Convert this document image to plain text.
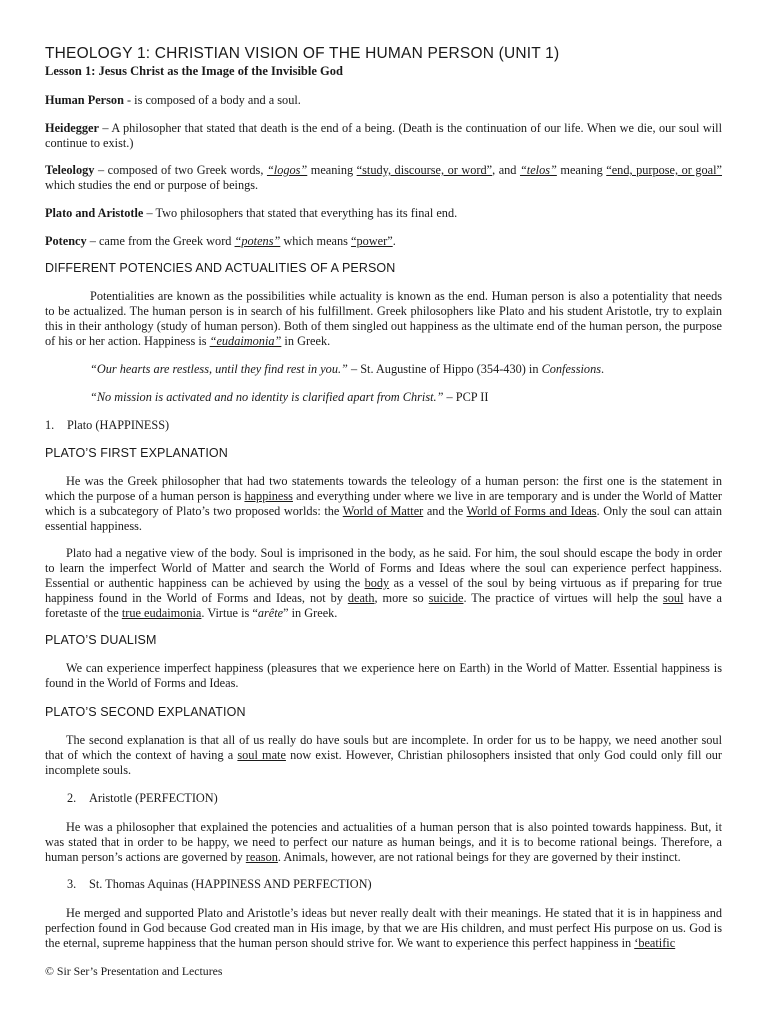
THEOLOGY 1: CHRISTIAN VISION OF THE HUMAN PERSON (UNIT 1)
Lesson 1: Jesus Christ as the Image of the Invisible God
Human Person - is composed of a body and a soul.
Heidegger – A philosopher that stated that death is the end of a being. (Death is the continuation of our life. When we die, our soul will continue to exist.)
Teleology – composed of two Greek words, “logos” meaning “study, discourse, or word”, and “telos” meaning “end, purpose, or goal” which studies the end or purpose of beings.
Plato and Aristotle – Two philosophers that stated that everything has its final end.
Potency – came from the Greek word “potens” which means “power”.
DIFFERENT POTENCIES AND ACTUALITIES OF A PERSON
Potentialities are known as the possibilities while actuality is known as the end. Human person is also a potentiality that needs to be actualized. The human person is in search of his fulfillment. Greek philosophers like Plato and his student Aristotle, try to explain this in their anthology (study of human person). Both of them singled out happiness as the ultimate end of the human person, the purpose of his or her action. Happiness is “eudaimonia” in Greek.
“Our hearts are restless, until they find rest in you.” – St. Augustine of Hippo (354-430) in Confessions.
“No mission is activated and no identity is clarified apart from Christ.” – PCP II
1. Plato (HAPPINESS)
PLATO’S FIRST EXPLANATION
He was the Greek philosopher that had two statements towards the teleology of a human person: the first one is the statement in which the purpose of a human person is happiness and everything under where we live in are temporary and is under the World of Matter which is a subcategory of Plato’s two proposed worlds: the World of Matter and the World of Forms and Ideas. Only the soul can attain essential happiness.
Plato had a negative view of the body. Soul is imprisoned in the body, as he said. For him, the soul should escape the body in order to learn the imperfect World of Matter and search the World of Forms and Ideas where the soul can experience perfect happiness. Essential or authentic happiness can be achieved by using the body as a vessel of the soul by being virtuous as if preparing for true happiness found in the World of Forms and Ideas, not by death, more so suicide. The practice of virtues will help the soul have a foretaste of the true eudaimonia. Virtue is “arête” in Greek.
PLATO’S DUALISM
We can experience imperfect happiness (pleasures that we experience here on Earth) in the World of Matter. Essential happiness is found in the World of Forms and Ideas.
PLATO’S SECOND EXPLANATION
The second explanation is that all of us really do have souls but are incomplete. In order for us to be happy, we need another soul that of which the context of having a soul mate now exist. However, Christian philosophers insisted that only God could only fill our incomplete souls.
2. Aristotle (PERFECTION)
He was a philosopher that explained the potencies and actualities of a human person that is also pointed towards happiness. But, it was stated that in order to be happy, we need to perfect our nature as human beings, and it is to become rational beings. Therefore, a human person’s actions are governed by reason. Animals, however, are not rational beings for they are governed by their instinct.
3. St. Thomas Aquinas (HAPPINESS AND PERFECTION)
He merged and supported Plato and Aristotle’s ideas but never really dealt with their meanings. He stated that it is in happiness and perfection found in God because God created man in His image, by that we are His children, and must perfect His purpose on us. God is the eternal, supreme happiness that the human person should strive for. We want to experience this perfect happiness in ‘beatific
© Sir Ser’s Presentation and Lectures
